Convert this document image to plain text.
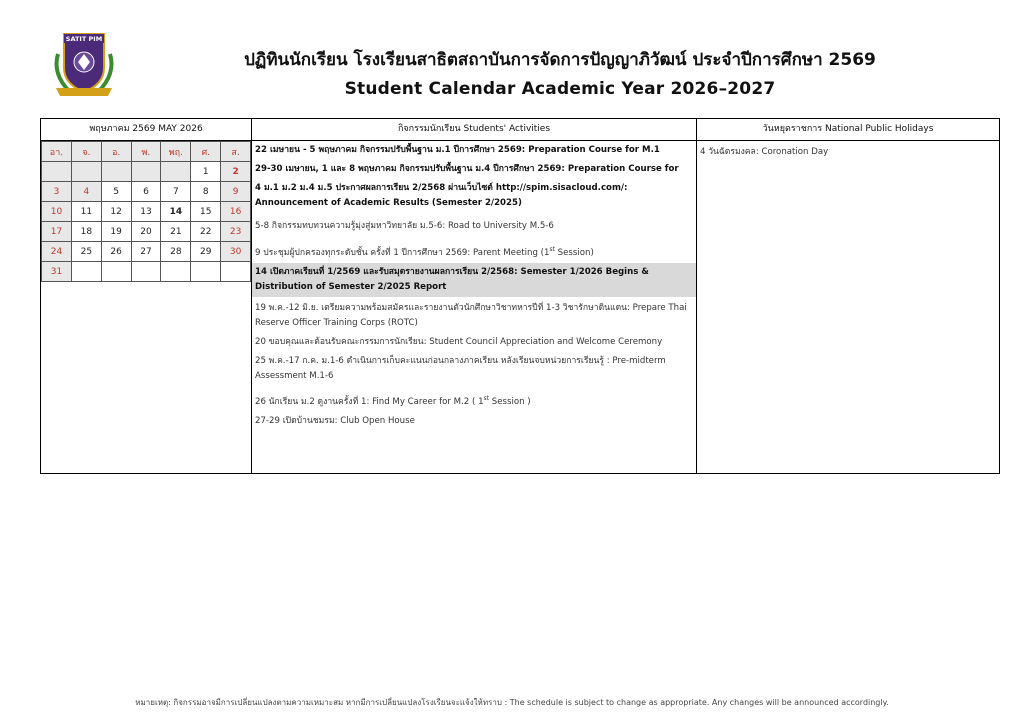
SATIT PIM
ปฏิทินนักเรียน โรงเรียนสาธิตสถาบันการจัดการปัญญาภิวัฒน์ ประจำปีการศึกษา 2569
Student Calendar Academic Year 2026–2027
พฤษภาคม 2569 MAY 2026
อา.	จ.	อ.	พ.	พฤ.	ศ.	ส.
					1	2
3	4	5	6	7	8	9
10	11	12	13	14	15	16
17	18	19	20	21	22	23
24	25	26	27	28	29	30
31						
กิจกรรมนักเรียน Students' Activities
22 เมษายน - 5 พฤษภาคม กิจกรรมปรับพื้นฐาน ม.1 ปีการศึกษา 2569: Preparation Course for M.1
29-30 เมษายน, 1 และ 8 พฤษภาคม กิจกรรมปรับพื้นฐาน ม.4 ปีการศึกษา 2569: Preparation Course for
4 ม.1 ม.2 ม.4 ม.5 ประกาศผลการเรียน 2/2568 ผ่านเว็บไซต์ http://spim.sisacloud.com/: Announcement of Academic Results (Semester 2/2025)
5-8 กิจกรรมทบทวนความรู้มุ่งสู่มหาวิทยาลัย ม.5-6: Road to University M.5-6
9 ประชุมผู้ปกครองทุกระดับชั้น ครั้งที่ 1 ปีการศึกษา 2569: Parent Meeting (1st Session)
14 เปิดภาคเรียนที่ 1/2569 และรับสมุดรายงานผลการเรียน 2/2568: Semester 1/2026 Begins & Distribution of Semester 2/2025 Report
19 พ.ค.-12 มิ.ย. เตรียมความพร้อมสมัครและรายงานตัวนักศึกษาวิชาทหารปีที่ 1-3 วิชารักษาดินแดน: Prepare Thai Reserve Officer Training Corps (ROTC)
20 ขอบคุณและต้อนรับคณะกรรมการนักเรียน: Student Council Appreciation and Welcome Ceremony
25 พ.ค.-17 ก.ค. ม.1-6 ดำเนินการเก็บคะแนนก่อนกลางภาคเรียน หลังเรียนจบหน่วยการเรียนรู้ : Pre-midterm Assessment M.1-6
26 นักเรียน ม.2 ดูงานครั้งที่ 1: Find My Career for M.2 ( 1st Session )
27-29 เปิดบ้านชมรม: Club Open House
วันหยุดราชการ National Public Holidays
4 วันฉัตรมงคล: Coronation Day
หมายเหตุ: กิจกรรมอาจมีการเปลี่ยนแปลงตามความเหมาะสม หากมีการเปลี่ยนแปลงโรงเรียนจะแจ้งให้ทราบ : The schedule is subject to change as appropriate. Any changes will be announced accordingly.
